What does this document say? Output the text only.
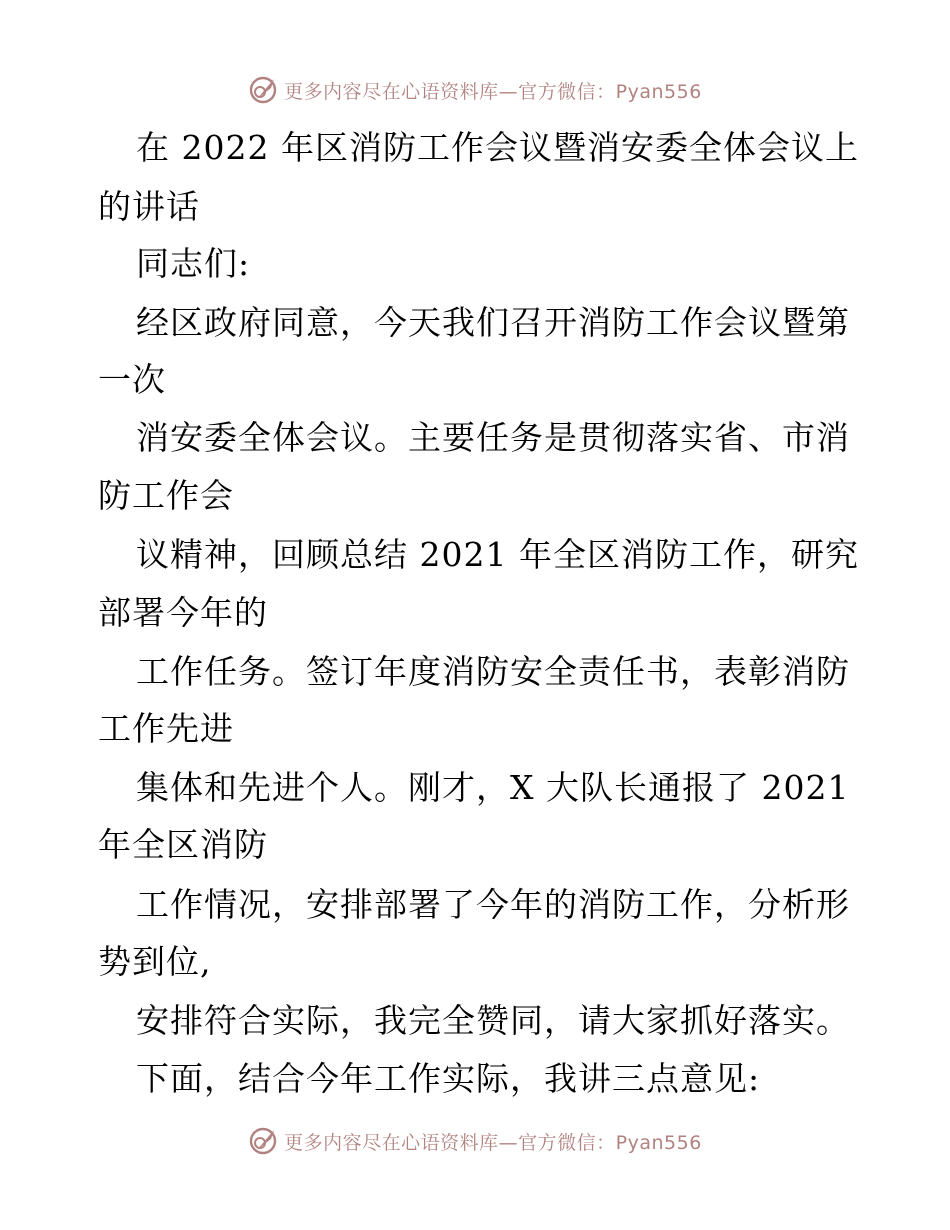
更多内容尽在心语资料库—官方微信：Pyan556
在 2022 年区消防工作会议暨消安委全体会议上
的讲话
同志们:
经区政府同意，今天我们召开消防工作会议暨第
一次
消安委全体会议。主要任务是贯彻落实省、市消
防工作会
议精神，回顾总结 2021 年全区消防工作，研究
部署今年的
工作任务。签订年度消防安全责任书，表彰消防
工作先进
集体和先进个人。刚才，X 大队长通报了 2021
年全区消防
工作情况，安排部署了今年的消防工作，分析形
势到位,
安排符合实际，我完全赞同，请大家抓好落实。
下面，结合今年工作实际，我讲三点意见:
更多内容尽在心语资料库—官方微信：Pyan556
